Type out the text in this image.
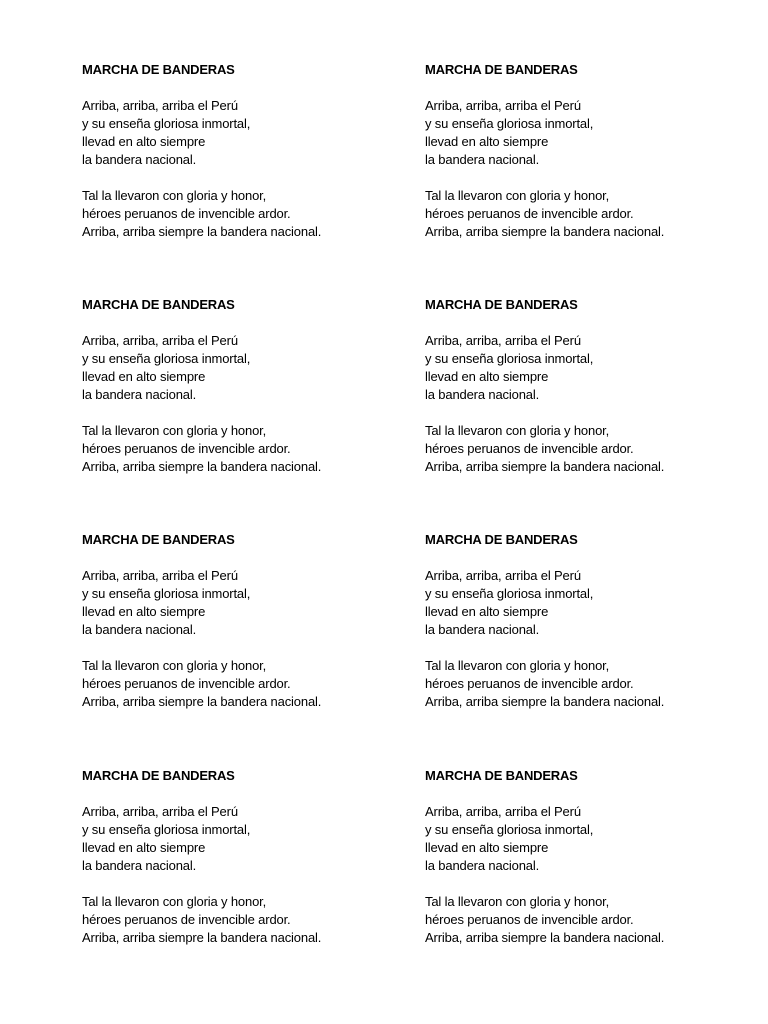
MARCHA DE BANDERAS
Arriba, arriba, arriba el Perú
y su enseña gloriosa inmortal,
llevad en alto siempre
la bandera nacional.
Tal la llevaron con gloria y honor,
héroes peruanos de invencible ardor.
Arriba, arriba siempre la bandera nacional.
MARCHA DE BANDERAS
Arriba, arriba, arriba el Perú
y su enseña gloriosa inmortal,
llevad en alto siempre
la bandera nacional.
Tal la llevaron con gloria y honor,
héroes peruanos de invencible ardor.
Arriba, arriba siempre la bandera nacional.
MARCHA DE BANDERAS
Arriba, arriba, arriba el Perú
y su enseña gloriosa inmortal,
llevad en alto siempre
la bandera nacional.
Tal la llevaron con gloria y honor,
héroes peruanos de invencible ardor.
Arriba, arriba siempre la bandera nacional.
MARCHA DE BANDERAS
Arriba, arriba, arriba el Perú
y su enseña gloriosa inmortal,
llevad en alto siempre
la bandera nacional.
Tal la llevaron con gloria y honor,
héroes peruanos de invencible ardor.
Arriba, arriba siempre la bandera nacional.
MARCHA DE BANDERAS
Arriba, arriba, arriba el Perú
y su enseña gloriosa inmortal,
llevad en alto siempre
la bandera nacional.
Tal la llevaron con gloria y honor,
héroes peruanos de invencible ardor.
Arriba, arriba siempre la bandera nacional.
MARCHA DE BANDERAS
Arriba, arriba, arriba el Perú
y su enseña gloriosa inmortal,
llevad en alto siempre
la bandera nacional.
Tal la llevaron con gloria y honor,
héroes peruanos de invencible ardor.
Arriba, arriba siempre la bandera nacional.
MARCHA DE BANDERAS
Arriba, arriba, arriba el Perú
y su enseña gloriosa inmortal,
llevad en alto siempre
la bandera nacional.
Tal la llevaron con gloria y honor,
héroes peruanos de invencible ardor.
Arriba, arriba siempre la bandera nacional.
MARCHA DE BANDERAS
Arriba, arriba, arriba el Perú
y su enseña gloriosa inmortal,
llevad en alto siempre
la bandera nacional.
Tal la llevaron con gloria y honor,
héroes peruanos de invencible ardor.
Arriba, arriba siempre la bandera nacional.
